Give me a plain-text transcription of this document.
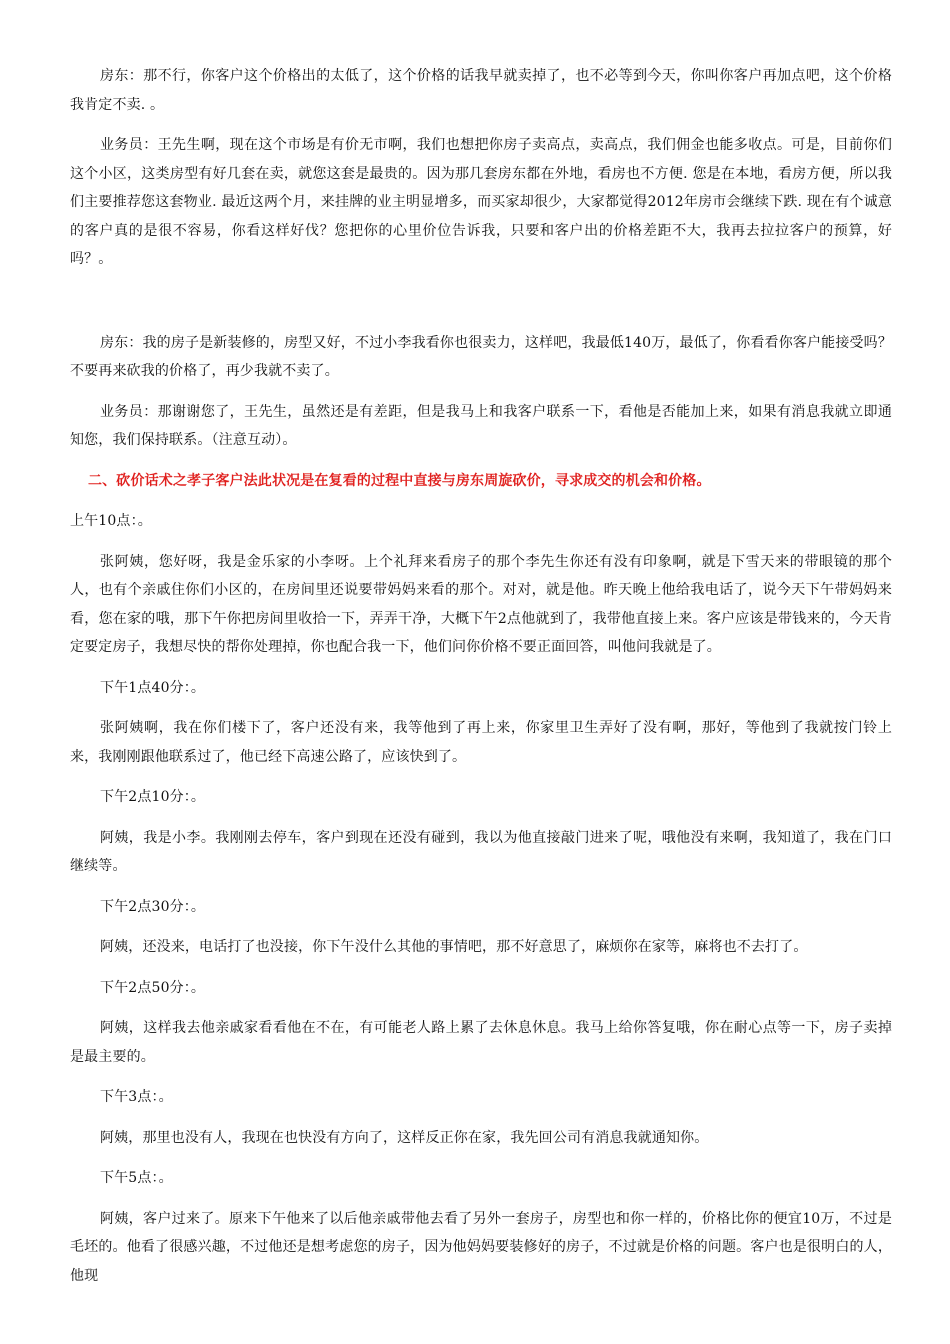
房东：那不行，你客户这个价格出的太低了，这个价格的话我早就卖掉了，也不必等到今天，你叫你客户再加点吧，这个价格我肯定不卖. 。

业务员：王先生啊，现在这个市场是有价无市啊，我们也想把你房子卖高点，卖高点，我们佣金也能多收点。可是，目前你们这个小区，这类房型有好几套在卖，就您这套是最贵的。因为那几套房东都在外地，看房也不方便. 您是在本地，看房方便，所以我们主要推荐您这套物业. 最近这两个月，来挂牌的业主明显增多，而买家却很少，大家都觉得2012年房市会继续下跌. 现在有个诚意的客户真的是很不容易，你看这样好伐？您把你的心里价位告诉我，只要和客户出的价格差距不大，我再去拉拉客户的预算，好吗？。

房东：我的房子是新装修的，房型又好，不过小李我看你也很卖力，这样吧，我最低140万，最低了，你看看你客户能接受吗？不要再来砍我的价格了，再少我就不卖了。

业务员：那谢谢您了，王先生，虽然还是有差距，但是我马上和我客户联系一下，看他是否能加上来，如果有消息我就立即通知您，我们保持联系。（注意互动）。

二、砍价话术之孝子客户法此状况是在复看的过程中直接与房东周旋砍价，寻求成交的机会和价格。

上午10点：。

张阿姨，您好呀，我是金乐家的小李呀。上个礼拜来看房子的那个李先生你还有没有印象啊，就是下雪天来的带眼镜的那个人，也有个亲戚住你们小区的，在房间里还说要带妈妈来看的那个。对对，就是他。昨天晚上他给我电话了，说今天下午带妈妈来看，您在家的哦，那下午你把房间里收拾一下，弄弄干净，大概下午2点他就到了，我带他直接上来。客户应该是带钱来的，今天肯定要定房子，我想尽快的帮你处理掉，你也配合我一下，他们问你价格不要正面回答，叫他问我就是了。

下午1点40分：。

张阿姨啊，我在你们楼下了，客户还没有来，我等他到了再上来，你家里卫生弄好了没有啊，那好，等他到了我就按门铃上来，我刚刚跟他联系过了，他已经下高速公路了，应该快到了。

下午2点10分：。

阿姨，我是小李。我刚刚去停车，客户到现在还没有碰到，我以为他直接敲门进来了呢，哦他没有来啊，我知道了，我在门口继续等。

下午2点30分：。

阿姨，还没来，电话打了也没接，你下午没什么其他的事情吧，那不好意思了，麻烦你在家等，麻将也不去打了。

下午2点50分：。

阿姨，这样我去他亲戚家看看他在不在，有可能老人路上累了去休息休息。我马上给你答复哦，你在耐心点等一下，房子卖掉是最主要的。

下午3点：。

阿姨，那里也没有人，我现在也快没有方向了，这样反正你在家，我先回公司有消息我就通知你。

下午5点：。

阿姨，客户过来了。原来下午他来了以后他亲戚带他去看了另外一套房子，房型也和你一样的，价格比你的便宜10万，不过是毛坯的。他看了很感兴趣，不过他还是想考虑您的房子，因为他妈妈要装修好的房子，不过就是价格的问题。客户也是很明白的人，他现
